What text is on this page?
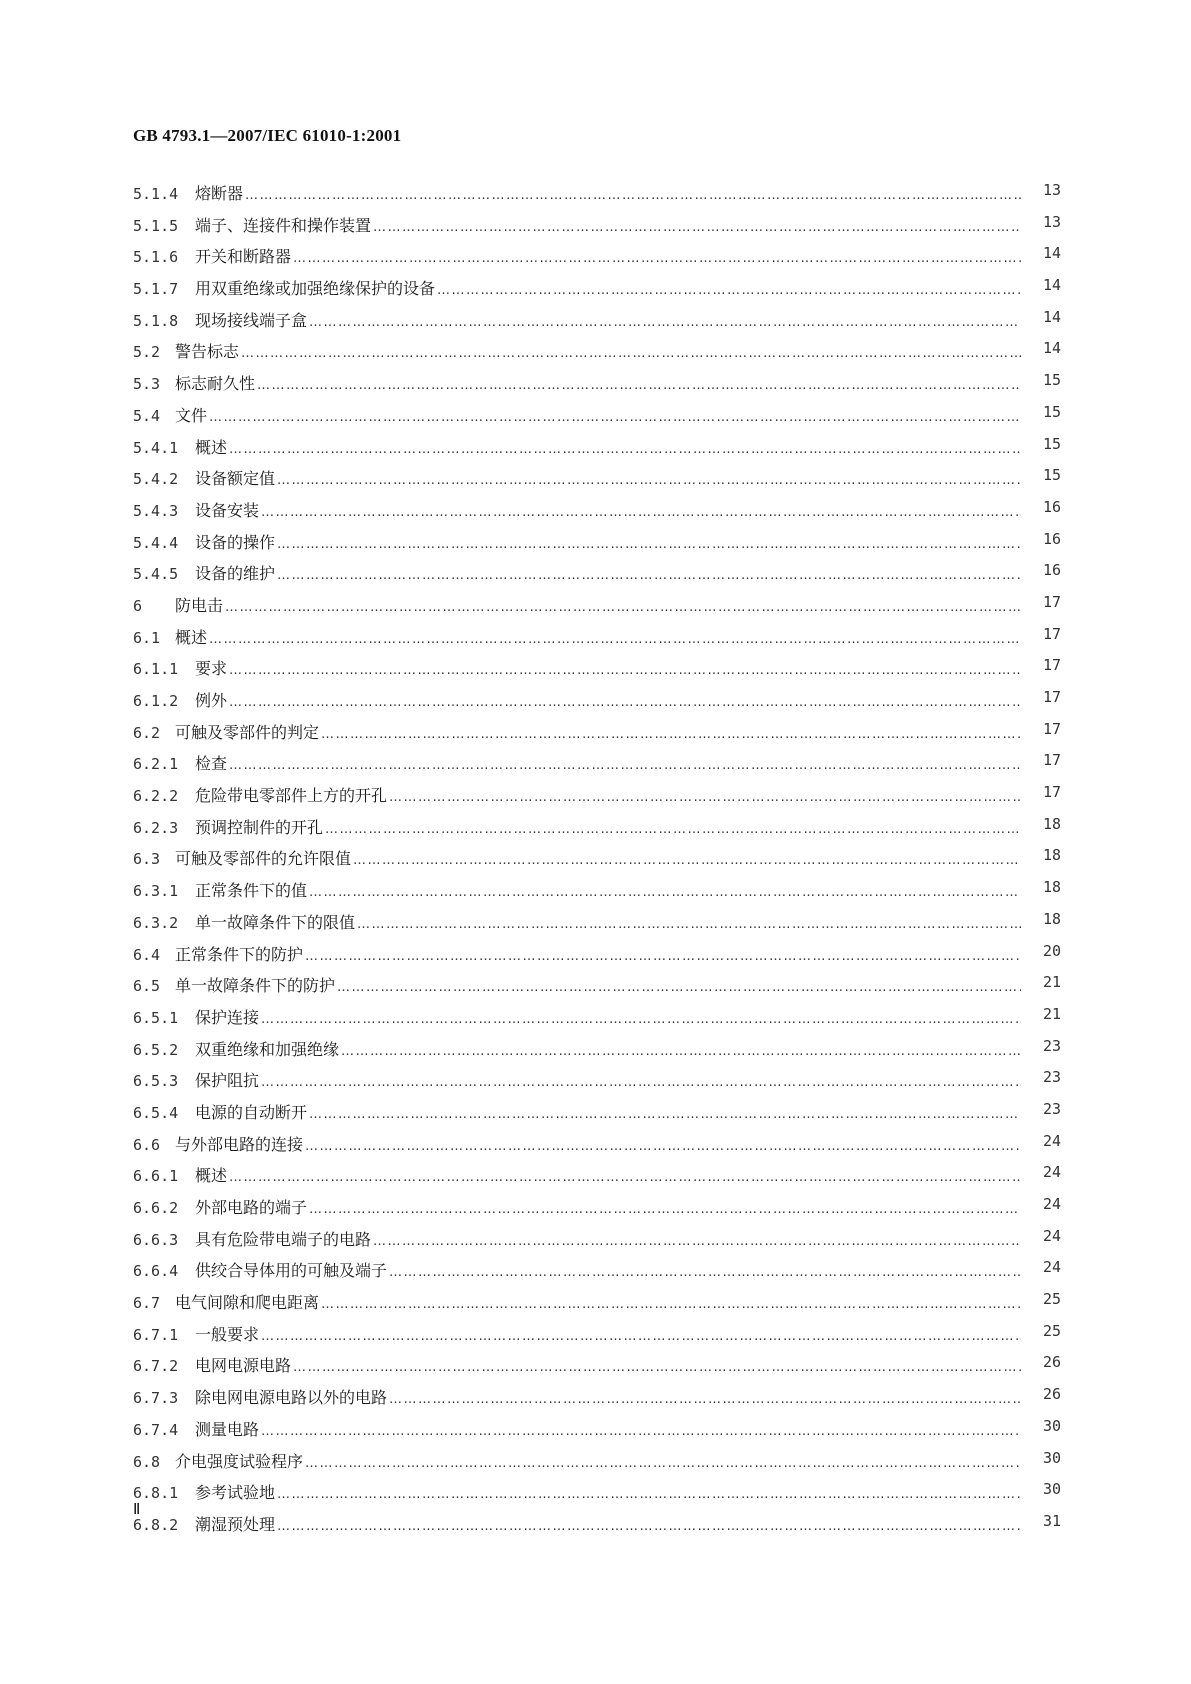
GB 4793.1—2007/IEC 61010-1:2001
5.1.4	熔断器 …………………………………………………………………………………………………………………………………………………………………………………………………………………………………………………………………………………	13
5.1.5	端子、连接件和操作装置 …………………………………………………………………………………………………………………………………………………………………………………………………………………………………………………………………………………	13
5.1.6	开关和断路器 …………………………………………………………………………………………………………………………………………………………………………………………………………………………………………………………………………………	14
5.1.7	用双重绝缘或加强绝缘保护的设备 …………………………………………………………………………………………………………………………………………………………………………………………………………………………………………………………………………………	14
5.1.8	现场接线端子盒 …………………………………………………………………………………………………………………………………………………………………………………………………………………………………………………………………………………	14
5.2 警告标志 …………………………………………………………………………………………………………………………………………………………………………………………………………………………………………………………………………………	14
5.3 标志耐久性 …………………………………………………………………………………………………………………………………………………………………………………………………………………………………………………………………………………	15
5.4 文件 …………………………………………………………………………………………………………………………………………………………………………………………………………………………………………………………………………………	15
5.4.1	概述 …………………………………………………………………………………………………………………………………………………………………………………………………………………………………………………………………………………	15
5.4.2	设备额定值 …………………………………………………………………………………………………………………………………………………………………………………………………………………………………………………………………………………	15
5.4.3	设备安装 …………………………………………………………………………………………………………………………………………………………………………………………………………………………………………………………………………………	16
5.4.4	设备的操作 …………………………………………………………………………………………………………………………………………………………………………………………………………………………………………………………………………………	16
5.4.5	设备的维护 …………………………………………………………………………………………………………………………………………………………………………………………………………………………………………………………………………………	16
6	防电击 …………………………………………………………………………………………………………………………………………………………………………………………………………………………………………………………………………………	17
6.1 概述 …………………………………………………………………………………………………………………………………………………………………………………………………………………………………………………………………………………	17
6.1.1	要求 …………………………………………………………………………………………………………………………………………………………………………………………………………………………………………………………………………………	17
6.1.2	例外 …………………………………………………………………………………………………………………………………………………………………………………………………………………………………………………………………………………	17
6.2 可触及零部件的判定 …………………………………………………………………………………………………………………………………………………………………………………………………………………………………………………………………………………	17
6.2.1	检查 …………………………………………………………………………………………………………………………………………………………………………………………………………………………………………………………………………………	17
6.2.2	危险带电零部件上方的开孔 …………………………………………………………………………………………………………………………………………………………………………………………………………………………………………………………………………………	17
6.2.3	预调控制件的开孔 …………………………………………………………………………………………………………………………………………………………………………………………………………………………………………………………………………………	18
6.3 可触及零部件的允许限值 …………………………………………………………………………………………………………………………………………………………………………………………………………………………………………………………………………………	18
6.3.1	正常条件下的值 …………………………………………………………………………………………………………………………………………………………………………………………………………………………………………………………………………………	18
6.3.2	单一故障条件下的限值 …………………………………………………………………………………………………………………………………………………………………………………………………………………………………………………………………………………	18
6.4 正常条件下的防护 …………………………………………………………………………………………………………………………………………………………………………………………………………………………………………………………………………………	20
6.5 单一故障条件下的防护 …………………………………………………………………………………………………………………………………………………………………………………………………………………………………………………………………………………	21
6.5.1	保护连接 …………………………………………………………………………………………………………………………………………………………………………………………………………………………………………………………………………………	21
6.5.2	双重绝缘和加强绝缘 …………………………………………………………………………………………………………………………………………………………………………………………………………………………………………………………………………………	23
6.5.3	保护阻抗 …………………………………………………………………………………………………………………………………………………………………………………………………………………………………………………………………………………	23
6.5.4	电源的自动断开 …………………………………………………………………………………………………………………………………………………………………………………………………………………………………………………………………………………	23
6.6 与外部电路的连接 …………………………………………………………………………………………………………………………………………………………………………………………………………………………………………………………………………………	24
6.6.1	概述 …………………………………………………………………………………………………………………………………………………………………………………………………………………………………………………………………………………	24
6.6.2	外部电路的端子 …………………………………………………………………………………………………………………………………………………………………………………………………………………………………………………………………………………	24
6.6.3	具有危险带电端子的电路 …………………………………………………………………………………………………………………………………………………………………………………………………………………………………………………………………………………	24
6.6.4	供绞合导体用的可触及端子 …………………………………………………………………………………………………………………………………………………………………………………………………………………………………………………………………………………	24
6.7 电气间隙和爬电距离 …………………………………………………………………………………………………………………………………………………………………………………………………………………………………………………………………………………	25
6.7.1	一般要求 …………………………………………………………………………………………………………………………………………………………………………………………………………………………………………………………………………………	25
6.7.2	电网电源电路 …………………………………………………………………………………………………………………………………………………………………………………………………………………………………………………………………………………	26
6.7.3	除电网电源电路以外的电路 …………………………………………………………………………………………………………………………………………………………………………………………………………………………………………………………………………………	26
6.7.4	测量电路 …………………………………………………………………………………………………………………………………………………………………………………………………………………………………………………………………………………	30
6.8 介电强度试验程序 …………………………………………………………………………………………………………………………………………………………………………………………………………………………………………………………………………………	30
6.8.1	参考试验地 …………………………………………………………………………………………………………………………………………………………………………………………………………………………………………………………………………………	30
6.8.2	潮湿预处理 …………………………………………………………………………………………………………………………………………………………………………………………………………………………………………………………………………………	31
Ⅱ
